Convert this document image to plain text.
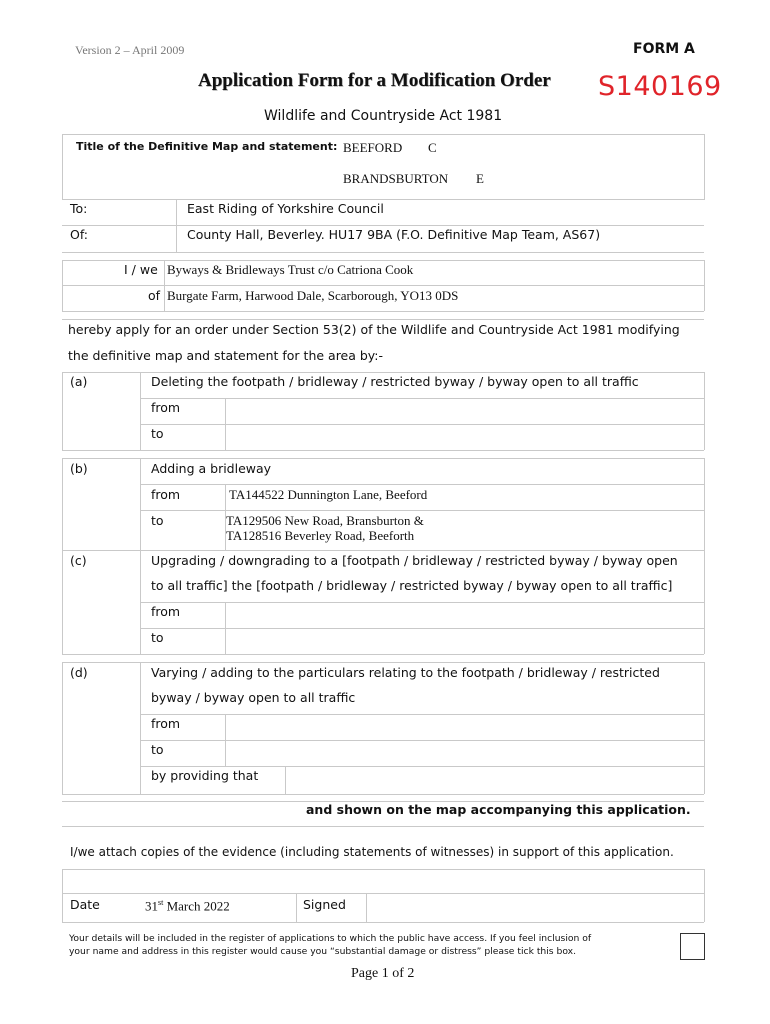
Version 2 – April 2009	FORM A
Application Form for a Modification Order S140169
Wildlife and Countryside Act 1981
Title of the Definitive Map and statement: BEEFORD C
BRANDSBURTON E
To:	East Riding of Yorkshire Council
Of:	County Hall, Beverley. HU17 9BA (F.O. Definitive Map Team, AS67)
I / we Byways & Bridleways Trust c/o Catriona Cook
of Burgate Farm, Harwood Dale, Scarborough, YO13 0DS
hereby apply for an order under Section 53(2) of the Wildlife and Countryside Act 1981 modifying
the definitive map and statement for the area by:-
(a)	Deleting the footpath / bridleway / restricted byway / byway open to all traffic
from
to
(b)	Adding a bridleway
from	TA144522 Dunnington Lane, Beeford
to	TA129506 New Road, Bransburton &
TA128516 Beverley Road, Beeforth
(c)	Upgrading / downgrading to a [footpath / bridleway / restricted byway / byway open
to all traffic] the [footpath / bridleway / restricted byway / byway open to all traffic]
from
to
(d)	Varying / adding to the particulars relating to the footpath / bridleway / restricted
byway / byway open to all traffic
from
to
by providing that
and shown on the map accompanying this application.
I/we attach copies of the evidence (including statements of witnesses) in support of this application.
Date	31st March 2022	Signed
Your details will be included in the register of applications to which the public have access. If you feel inclusion of
your name and address in this register would cause you “substantial damage or distress” please tick this box.
Page 1 of 2
